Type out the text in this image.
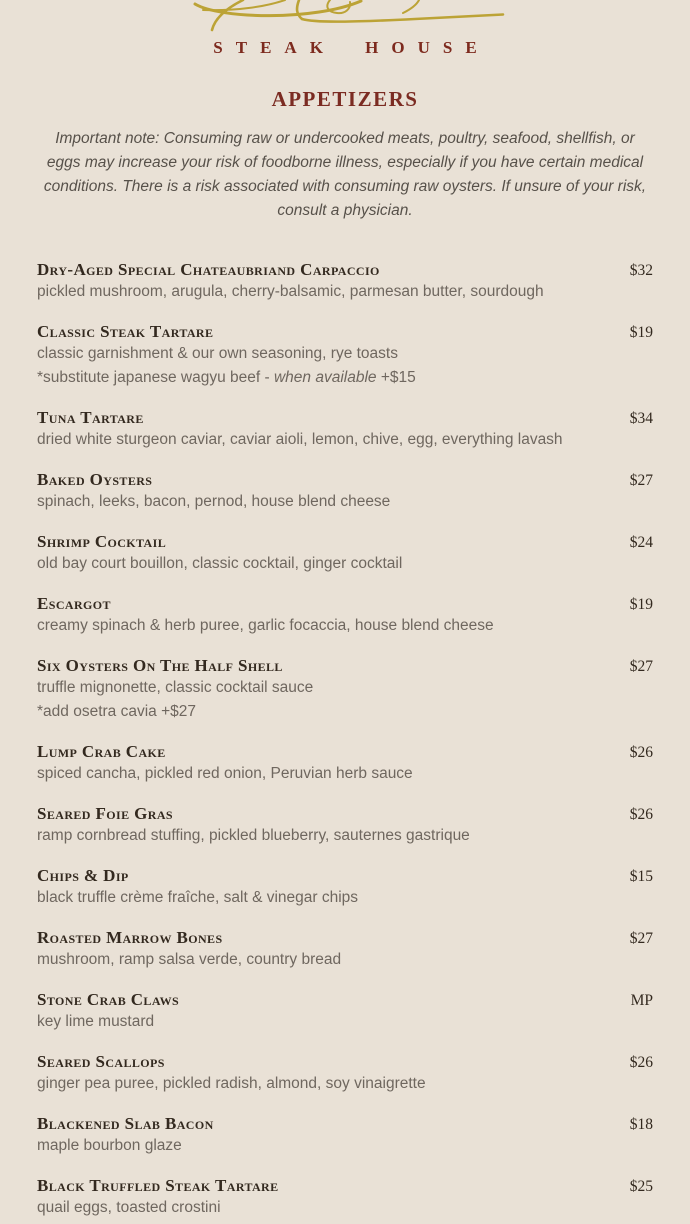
STEAK HOUSE
APPETIZERS

Important note: Consuming raw or undercooked meats, poultry, seafood, shellfish, or eggs may increase your risk of foodborne illness, especially if you have certain medical conditions. There is a risk associated with consuming raw oysters. If unsure of your risk, consult a physician.

Dry-Aged Special Chateaubriand Carpaccio	$32
pickled mushroom, arugula, cherry-balsamic, parmesan butter, sourdough
Classic Steak Tartare	$19
classic garnishment & our own seasoning, rye toasts
*substitute japanese wagyu beef - when available +$15
Tuna Tartare	$34
dried white sturgeon caviar, caviar aioli, lemon, chive, egg, everything lavash
Baked Oysters	$27
spinach, leeks, bacon, pernod, house blend cheese
Shrimp Cocktail	$24
old bay court bouillon, classic cocktail, ginger cocktail
Escargot	$19
creamy spinach & herb puree, garlic focaccia, house blend cheese
Six Oysters On The Half Shell	$27
truffle mignonette, classic cocktail sauce
*add osetra cavia +$27
Lump Crab Cake	$26
spiced cancha, pickled red onion, Peruvian herb sauce
Seared Foie Gras	$26
ramp cornbread stuffing, pickled blueberry, sauternes gastrique
Chips & Dip	$15
black truffle crème fraîche, salt & vinegar chips
Roasted Marrow Bones	$27
mushroom, ramp salsa verde, country bread
Stone Crab Claws	MP
key lime mustard
Seared Scallops	$26
ginger pea puree, pickled radish, almond, soy vinaigrette
Blackened Slab Bacon	$18
maple bourbon glaze
Black Truffled Steak Tartare	$25
quail eggs, toasted crostini
